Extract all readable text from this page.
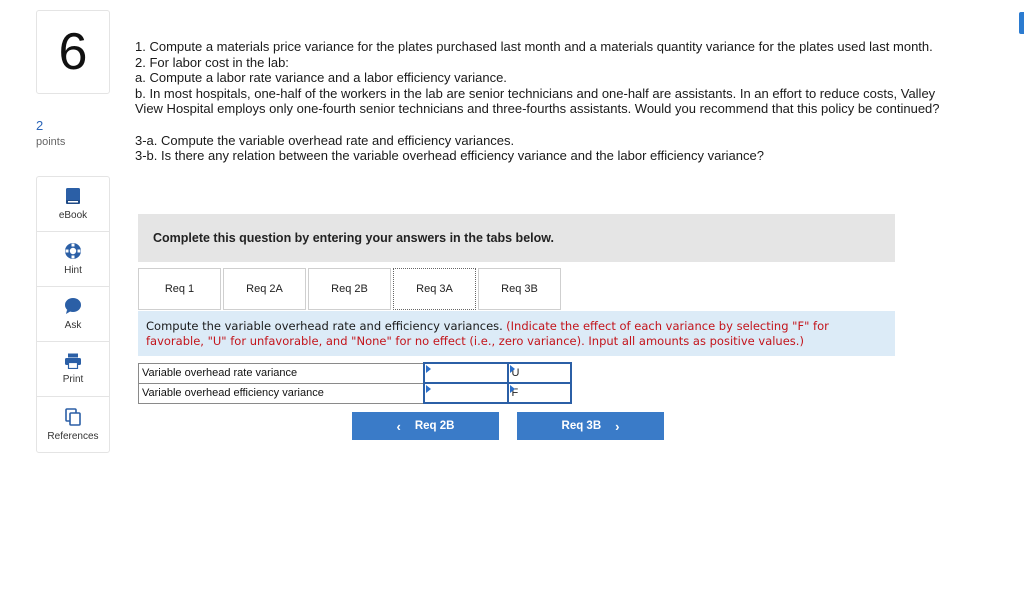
6
2
points
eBook
Hint
Ask
Print
References

1. Compute a materials price variance for the plates purchased last month and a materials quantity variance for the plates used last month.

2. For labor cost in the lab:

a. Compute a labor rate variance and a labor efficiency variance.

b. In most hospitals, one-half of the workers in the lab are senior technicians and one-half are assistants. In an effort to reduce costs, Valley View Hospital employs only one-fourth senior technicians and three-fourths assistants. Would you recommend that this policy be continued?

3-a. Compute the variable overhead rate and efficiency variances.

3-b. Is there any relation between the variable overhead efficiency variance and the labor efficiency variance?

Complete this question by entering your answers in the tabs below.
Req 1	Req 2A	Req 2B	Req 3A	Req 3B
Compute the variable overhead rate and efficiency variances. (Indicate the effect of each variance by selecting "F" for favorable, "U" for unfavorable, and "None" for no effect (i.e., zero variance). Input all amounts as positive values.)
Variable overhead rate variance		U
Variable overhead efficiency variance		F
‹ Req 2B	Req 3B ›
